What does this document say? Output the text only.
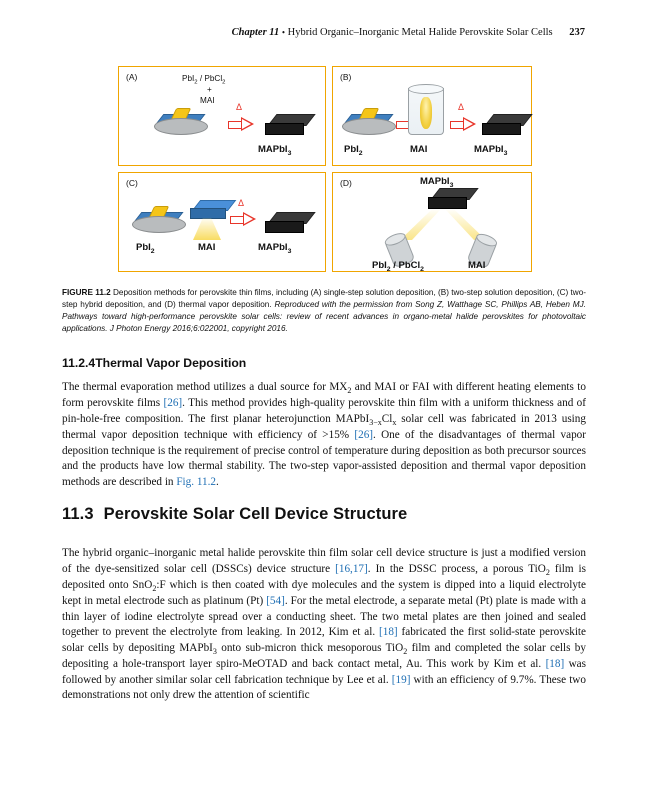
Chapter 11 • Hybrid Organic–Inorganic Metal Halide Perovskite Solar Cells 237
(A)	PbI$_2$ / PbCl$_2$
+
MAI
Δ
MAPbI$_3$
(B)
PbI$_2$	MAI
Δ
MAPbI$_3$
(C)
PbI$_2$	MAI
Δ
MAPbI$_3$
(D)	MAPbI$_3$
PbI$_2$ / PbCl$_2$	MAI
FIGURE 11.2 Deposition methods for perovskite thin films, including (A) single-step solution deposition, (B) two-step solution deposition, (C) two-step hybrid deposition, and (D) thermal vapor deposition. Reproduced with the permission from Song Z, Watthage SC, Phillips AB, Heben MJ. Pathways toward high-performance perovskite solar cells: review of recent advances in organo-metal halide perovskites for photovoltaic applications. J Photon Energy 2016;6:022001, copyright 2016.
11.2.4Thermal Vapor Deposition

The thermal evaporation method utilizes a dual source for $MX_2$ and MAI or FAI with different heating elements to form perovskite films [26]. This method provides high-quality perovskite thin film with a uniform thickness and of pin-hole-free composition. The first planar heterojunction $MAPbI_{3-x}Cl_x$ solar cell was fabricated in 2013 using thermal vapor deposition technique with efficiency of >15% [26]. One of the disadvantages of thermal vapor deposition technique is the requirement of precise control of temperature during deposition as both precursor sources and the products have low thermal stability. The two-step vapor-assisted deposition and thermal vapor deposition methods are described in Fig. 11.2.

11.3 Perovskite Solar Cell Device Structure

The hybrid organic–inorganic metal halide perovskite thin film solar cell device structure is just a modified version of the dye-sensitized solar cell (DSSCs) device structure [16,17]. In the DSSC process, a porous TiO$_2$ film is deposited onto SnO$_2$:F which is then coated with dye molecules and the system is dipped into a liquid electrolyte kept in metal electrode such as platinum (Pt) [54]. For the metal electrode, a separate metal (Pt) plate is made with a thin layer of iodine electrolyte spread over a conducting sheet. The two metal plates are then joined and sealed together to prevent the electrolyte from leaking. In 2012, Kim et al. [18] fabricated the first solid-state perovskite solar cells by depositing MAPbI$_3$ onto sub-micron thick mesoporous TiO$_2$ film and completed the solar cells by depositing a hole-transport layer spiro-MeOTAD and back contact metal, Au. This work by Kim et al. [18] was followed by another similar solar cell fabrication technique by Lee et al. [19] with an efficiency of 9.7%. These two demonstrations not only drew the attention of scientific
